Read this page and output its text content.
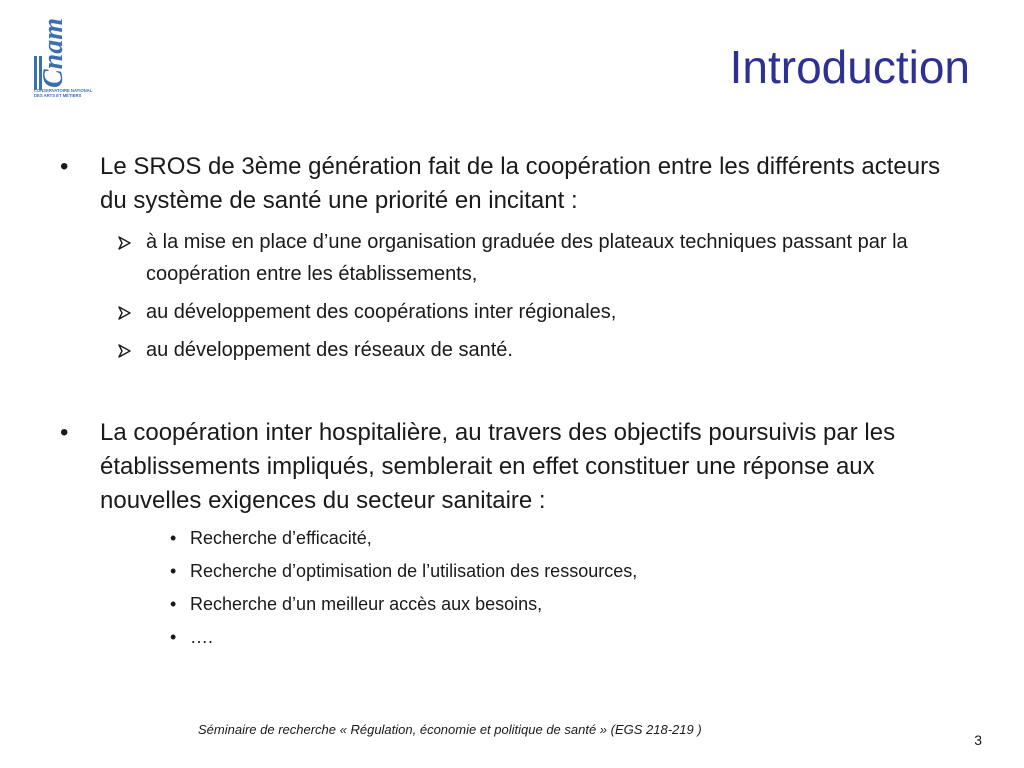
Cnam
CONSERVATOIRE NATIONAL
DES ARTS ET MÉTIERS
Introduction
• Le SROS de 3ème génération fait de la coopération entre les différents acteurs du système de santé une priorité en incitant :
à la mise en place d’une organisation graduée des plateaux techniques passant par la coopération entre les établissements,
au développement des coopérations inter régionales,
au développement des réseaux de santé.
• La coopération inter hospitalière, au travers des objectifs poursuivis par les établissements impliqués, semblerait en effet constituer une réponse aux nouvelles exigences du secteur sanitaire :
• Recherche d’efficacité,
• Recherche d’optimisation de l’utilisation des ressources,
• Recherche d’un meilleur accès aux besoins,
• ….
Séminaire de recherche « Régulation, économie et politique de santé » (EGS 218-219 )
3
